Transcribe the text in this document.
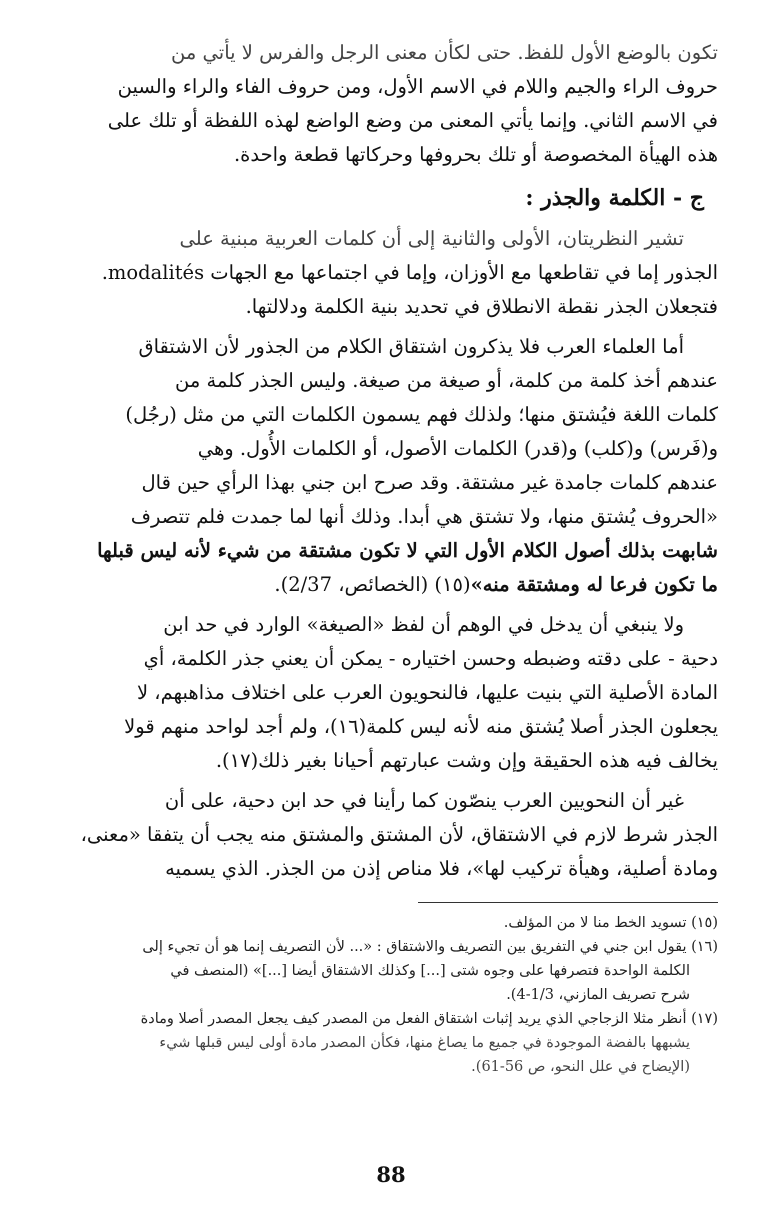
تكون بالوضع الأول للفظ. حتى لكأن معنى الرجل والفرس لا يأتي من

حروف الراء والجيم واللام في الاسم الأول، ومن حروف الفاء والراء والسين

في الاسم الثاني. وإنما يأتي المعنى من وضع الواضع لهذه اللفظة أو تلك على

هذه الهيأة المخصوصة أو تلك بحروفها وحركاتها قطعة واحدة.

ج - الكلمة والجذر :

تشير النظريتان، الأولى والثانية إلى أن كلمات العربية مبنية على

الجذور إما في تقاطعها مع الأوزان، وإما في اجتماعها مع الجهات modalités.

فتجعلان الجذر نقطة الانطلاق في تحديد بنية الكلمة ودلالتها.

أما العلماء العرب فلا يذكرون اشتقاق الكلام من الجذور لأن الاشتقاق

عندهم أخذ كلمة من كلمة، أو صيغة من صيغة. وليس الجذر كلمة من

كلمات اللغة فيُشتق منها؛ ولذلك فهم يسمون الكلمات التي من مثل (رجُل)

و(فَرس) و(كلب) و(قدر) الكلمات الأصول، أو الكلمات الأُول. وهي

عندهم كلمات جامدة غير مشتقة. وقد صرح ابن جني بهذا الرأي حين قال

«الحروف يُشتق منها، ولا تشتق هي أبدا. وذلك أنها لما جمدت فلم تتصرف

شابهت بذلك أصول الكلام الأول التي لا تكون مشتقة من شيء لأنه ليس قبلها

ما تكون فرعا له ومشتقة منه»(١٥) (الخصائص، 2/37).

ولا ينبغي أن يدخل في الوهم أن لفظ «الصيغة» الوارد في حد ابن

دحية - على دقته وضبطه وحسن اختياره - يمكن أن يعني جذر الكلمة، أي

المادة الأصلية التي بنيت عليها، فالنحويون العرب على اختلاف مذاهبهم، لا

يجعلون الجذر أصلا يُشتق منه لأنه ليس كلمة(١٦)، ولم أجد لواحد منهم قولا

يخالف فيه هذه الحقيقة وإن وشت عبارتهم أحيانا بغير ذلك(١٧).

غير أن النحويين العرب ينصّون كما رأينا في حد ابن دحية، على أن

الجذر شرط لازم في الاشتقاق، لأن المشتق والمشتق منه يجب أن يتفقا «معنى،

ومادة أصلية، وهيأة تركيب لها»، فلا مناص إذن من الجذر. الذي يسميه

(١٥) تسويد الخط منا لا من المؤلف.

(١٦) يقول ابن جني في التفريق بين التصريف والاشتقاق : «... لأن التصريف إنما هو أن تجيء إلى

الكلمة الواحدة فتصرفها على وجوه شتى [...] وكذلك الاشتقاق أيضا [...]» (المنصف في

شرح تصريف المازني، 1/3-4).

(١٧) أنظر مثلا الزجاجي الذي يريد إثبات اشتقاق الفعل من المصدر كيف يجعل المصدر أصلا ومادة

يشبهها بالفضة الموجودة في جميع ما يصاغ منها، فكأن المصدر مادة أولى ليس قبلها شيء

(الإيضاح في علل النحو، ص 56-61).

88
